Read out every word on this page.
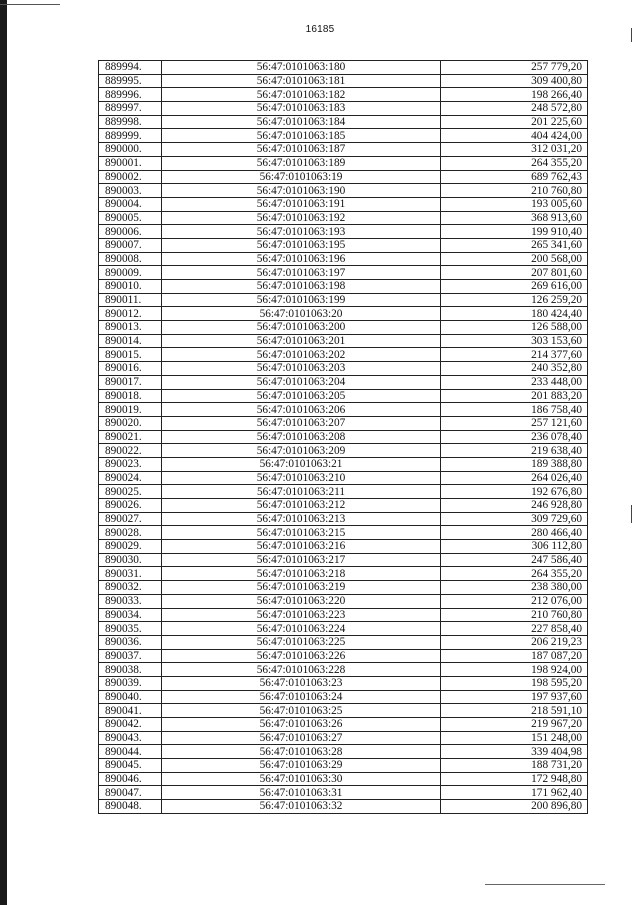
16185
889994.	56:47:0101063:180	257 779,20
889995.	56:47:0101063:181	309 400,80
889996.	56:47:0101063:182	198 266,40
889997.	56:47:0101063:183	248 572,80
889998.	56:47:0101063:184	201 225,60
889999.	56:47:0101063:185	404 424,00
890000.	56:47:0101063:187	312 031,20
890001.	56:47:0101063:189	264 355,20
890002.	56:47:0101063:19	689 762,43
890003.	56:47:0101063:190	210 760,80
890004.	56:47:0101063:191	193 005,60
890005.	56:47:0101063:192	368 913,60
890006.	56:47:0101063:193	199 910,40
890007.	56:47:0101063:195	265 341,60
890008.	56:47:0101063:196	200 568,00
890009.	56:47:0101063:197	207 801,60
890010.	56:47:0101063:198	269 616,00
890011.	56:47:0101063:199	126 259,20
890012.	56:47:0101063:20	180 424,40
890013.	56:47:0101063:200	126 588,00
890014.	56:47:0101063:201	303 153,60
890015.	56:47:0101063:202	214 377,60
890016.	56:47:0101063:203	240 352,80
890017.	56:47:0101063:204	233 448,00
890018.	56:47:0101063:205	201 883,20
890019.	56:47:0101063:206	186 758,40
890020.	56:47:0101063:207	257 121,60
890021.	56:47:0101063:208	236 078,40
890022.	56:47:0101063:209	219 638,40
890023.	56:47:0101063:21	189 388,80
890024.	56:47:0101063:210	264 026,40
890025.	56:47:0101063:211	192 676,80
890026.	56:47:0101063:212	246 928,80
890027.	56:47:0101063:213	309 729,60
890028.	56:47:0101063:215	280 466,40
890029.	56:47:0101063:216	306 112,80
890030.	56:47:0101063:217	247 586,40
890031.	56:47:0101063:218	264 355,20
890032.	56:47:0101063:219	238 380,00
890033.	56:47:0101063:220	212 076,00
890034.	56:47:0101063:223	210 760,80
890035.	56:47:0101063:224	227 858,40
890036.	56:47:0101063:225	206 219,23
890037.	56:47:0101063:226	187 087,20
890038.	56:47:0101063:228	198 924,00
890039.	56:47:0101063:23	198 595,20
890040.	56:47:0101063:24	197 937,60
890041.	56:47:0101063:25	218 591,10
890042.	56:47:0101063:26	219 967,20
890043.	56:47:0101063:27	151 248,00
890044.	56:47:0101063:28	339 404,98
890045.	56:47:0101063:29	188 731,20
890046.	56:47:0101063:30	172 948,80
890047.	56:47:0101063:31	171 962,40
890048.	56:47:0101063:32	200 896,80
